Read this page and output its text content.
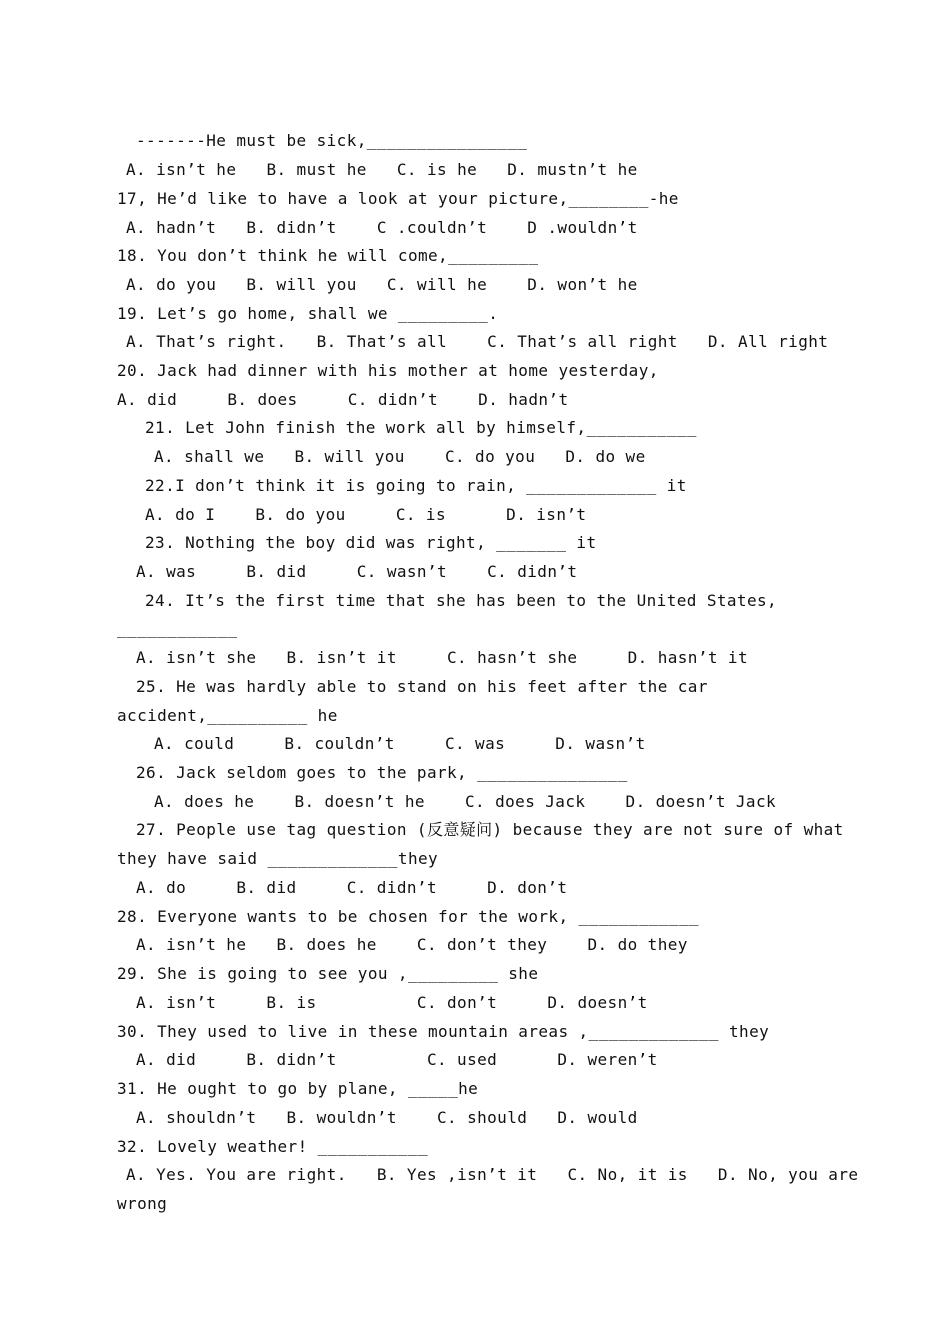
-------He must be sick,________________
A. isn’t he   B. must he   C. is he   D. mustn’t he
17, He’d like to have a look at your picture,________-he
A. hadn’t   B. didn’t    C .couldn’t    D .wouldn’t
18. You don’t think he will come,_________
A. do you   B. will you   C. will he    D. won’t he
19. Let’s go home, shall we _________.
A. That’s right.   B. That’s all    C. That’s all right   D. All right
20. Jack had dinner with his mother at home yesterday,
A. did     B. does     C. didn’t    D. hadn’t
21. Let John finish the work all by himself,___________
A. shall we   B. will you    C. do you   D. do we
22.I don’t think it is going to rain, _____________ it
A. do I    B. do you     C. is      D. isn’t
23. Nothing the boy did was right, _______ it
A. was     B. did     C. wasn’t    C. didn’t
24. It’s the first time that she has been to the United States,
____________
A. isn’t she   B. isn’t it     C. hasn’t she     D. hasn’t it
25. He was hardly able to stand on his feet after the car
accident,__________ he
A. could     B. couldn’t     C. was     D. wasn’t
26. Jack seldom goes to the park, _______________
A. does he    B. doesn’t he    C. does Jack    D. doesn’t Jack
27. People use tag question (反意疑问) because they are not sure of what
they have said _____________they
A. do     B. did     C. didn’t     D. don’t
28. Everyone wants to be chosen for the work, ____________
A. isn’t he   B. does he    C. don’t they    D. do they
29. She is going to see you ,_________ she
A. isn’t     B. is          C. don’t     D. doesn’t
30. They used to live in these mountain areas ,_____________ they
A. did     B. didn’t         C. used      D. weren’t
31. He ought to go by plane, _____he
A. shouldn’t   B. wouldn’t    C. should   D. would
32. Lovely weather! ___________
A. Yes. You are right.   B. Yes ,isn’t it   C. No, it is   D. No, you are
wrong
